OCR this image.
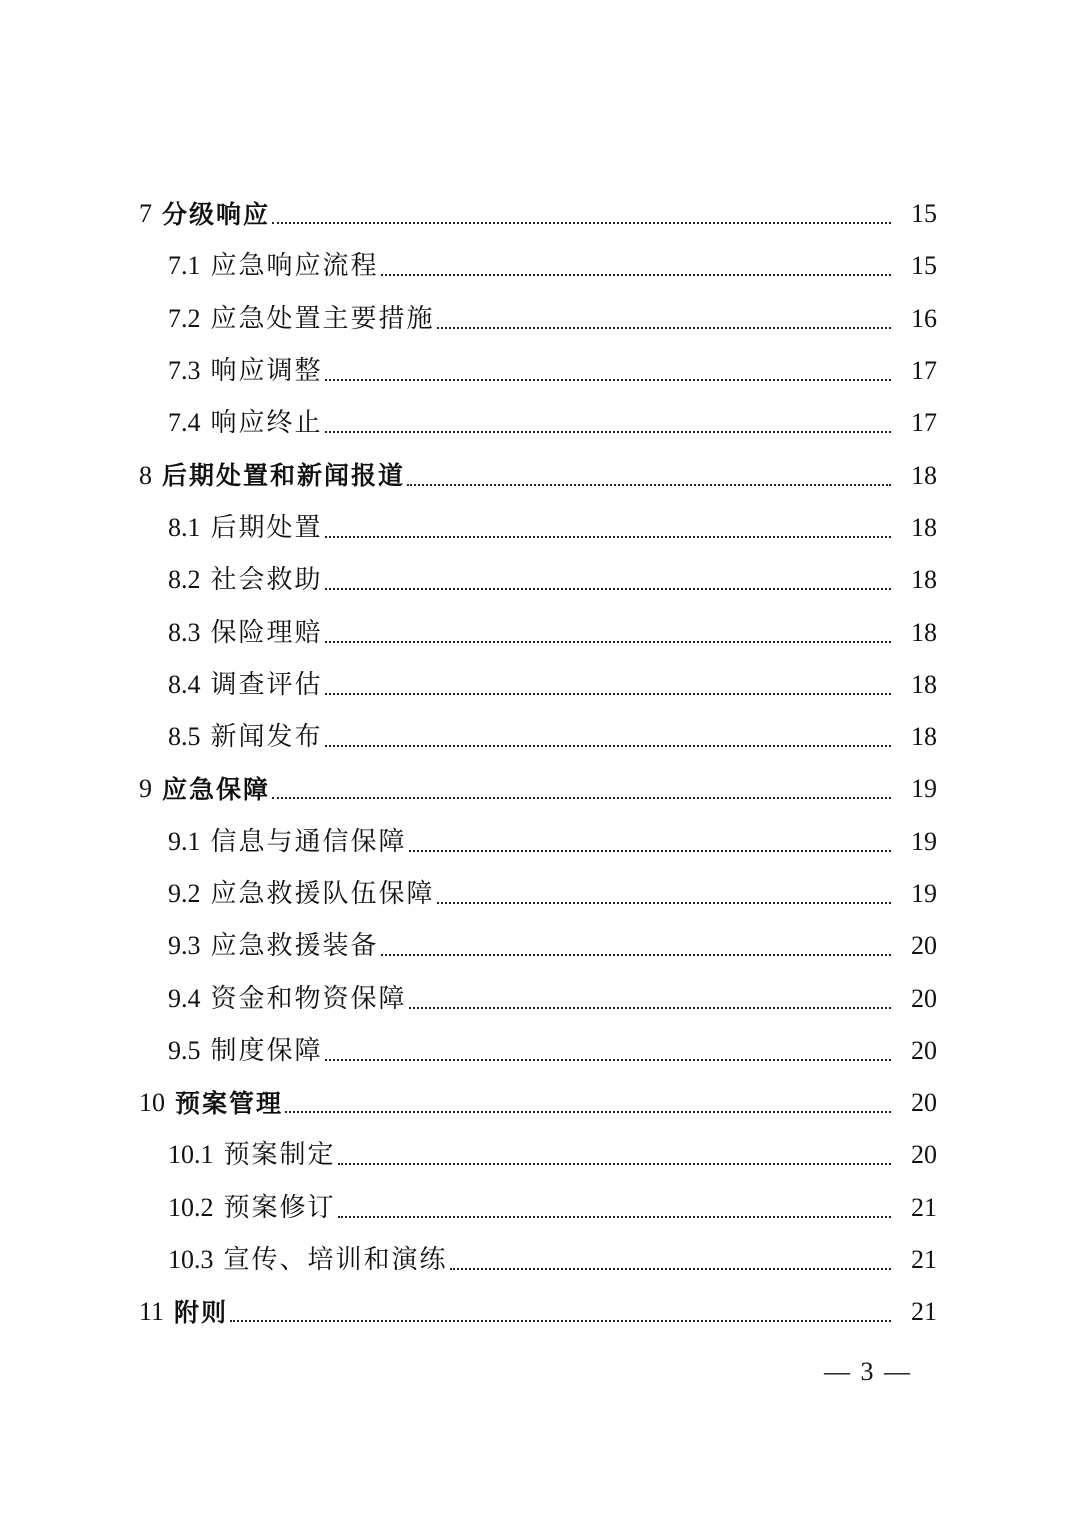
7 分级响应	15
7.1 应急响应流程	15
7.2 应急处置主要措施	16
7.3 响应调整	17
7.4 响应终止	17
8 后期处置和新闻报道	18
8.1 后期处置	18
8.2 社会救助	18
8.3 保险理赔	18
8.4 调查评估	18
8.5 新闻发布	18
9 应急保障	19
9.1 信息与通信保障	19
9.2 应急救援队伍保障	19
9.3 应急救援装备	20
9.4 资金和物资保障	20
9.5 制度保障	20
10 预案管理	20
10.1 预案制定	20
10.2 预案修订	21
10.3 宣传、培训和演练	21
11 附则	21
— 3 —
